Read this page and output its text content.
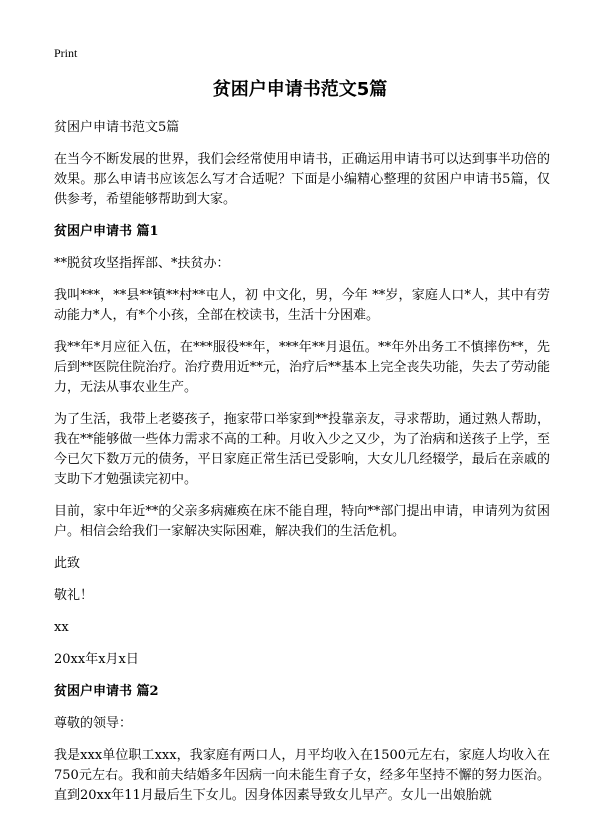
Print
贫困户申请书范文5篇

贫困户申请书范文5篇

在当今不断发展的世界，我们会经常使用申请书，正确运用申请书可以达到事半功倍的效果。那么申请书应该怎么写才合适呢？下面是小编精心整理的贫困户申请书5篇，仅供参考，希望能够帮助到大家。

贫困户申请书 篇1

**脱贫攻坚指挥部、*扶贫办：

我叫***，**县**镇**村**屯人，初 中文化，男，今年 **岁，家庭人口*人，其中有劳动能力*人，有*个小孩，全部在校读书，生活十分困难。

我**年*月应征入伍，在***服役**年，***年**月退伍。**年外出务工不慎摔伤**，先后到**医院住院治疗。治疗费用近**元，治疗后**基本上完全丧失功能，失去了劳动能力，无法从事农业生产。

为了生活，我带上老婆孩子，拖家带口举家到**投靠亲友，寻求帮助，通过熟人帮助，我在**能够做一些体力需求不高的工种。月收入少之又少，为了治病和送孩子上学，至今已欠下数万元的债务，平日家庭正常生活已受影响，大女儿几经辍学，最后在亲戚的支助下才勉强读完初中。

目前，家中年近**的父亲多病瘫痪在床不能自理，特向**部门提出申请，申请列为贫困户。相信会给我们一家解决实际困难，解决我们的生活危机。

此致

敬礼！

xx

20xx年x月x日

贫困户申请书 篇2

尊敬的领导：

我是xxx单位职工xxx，我家庭有两口人，月平均收入在1500元左右，家庭人均收入在750元左右。我和前夫结婚多年因病一向未能生育子女，经多年坚持不懈的努力医治。直到20xx年11月最后生下女儿。因身体因素导致女儿早产。女儿一出娘胎就
